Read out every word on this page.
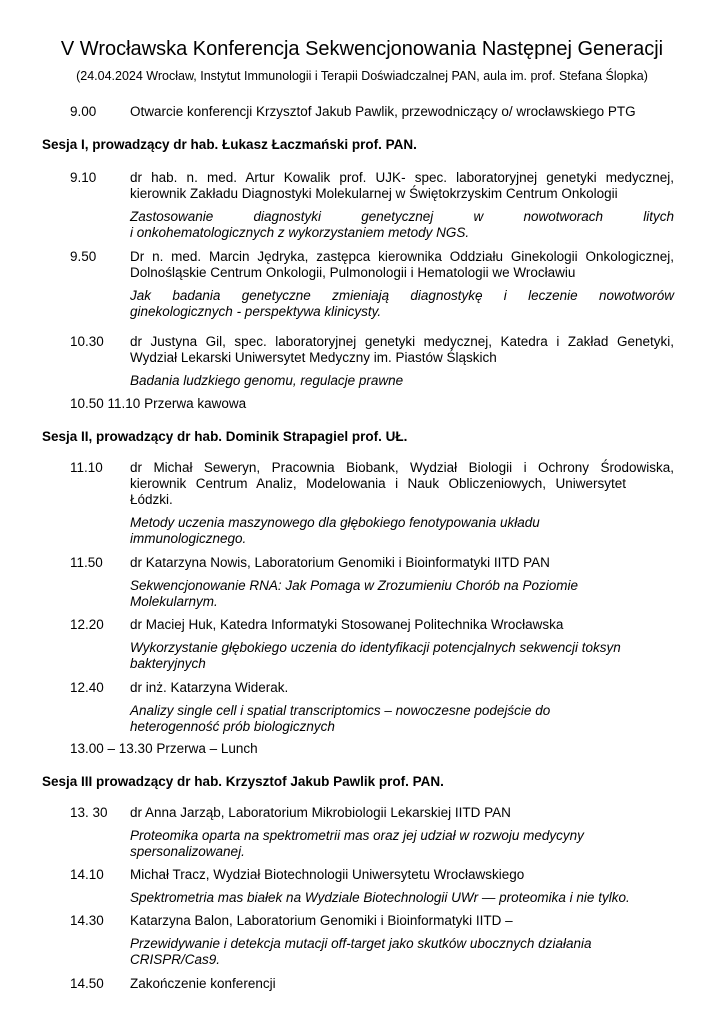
V Wrocławska Konferencja Sekwencjonowania Następnej Generacji
(24.04.2024 Wrocław, Instytut Immunologii i Terapii Doświadczalnej PAN, aula im. prof. Stefana Ślopka)
9.00 Otwarcie konferencji Krzysztof Jakub Pawlik, przewodniczący o/ wrocławskiego PTG
Sesja I, prowadzący dr hab. Łukasz Łaczmański prof. PAN.
9.10 dr hab. n. med. Artur Kowalik prof. UJK- spec. laboratoryjnej genetyki medycznej,
kierownik Zakładu Diagnostyki Molekularnej w Świętokrzyskim Centrum Onkologii
Zastosowanie diagnostyki genetycznej w nowotworach litych
i onkohematologicznych z wykorzystaniem metody NGS.
9.50 Dr n. med. Marcin Jędryka, zastępca kierownika Oddziału Ginekologii Onkologicznej,
Dolnośląskie Centrum Onkologii, Pulmonologii i Hematologii we Wrocławiu
Jak badania genetyczne zmieniają diagnostykę i leczenie nowotworów
ginekologicznych - perspektywa klinicysty.
10.30 dr Justyna Gil, spec. laboratoryjnej genetyki medycznej, Katedra i Zakład Genetyki,
Wydział Lekarski Uniwersytet Medyczny im. Piastów Śląskich
Badania ludzkiego genomu, regulacje prawne
10.50 11.10 Przerwa kawowa
Sesja II, prowadzący dr hab. Dominik Strapagiel prof. UŁ.
11.10 dr Michał Seweryn, Pracownia Biobank, Wydział Biologii i Ochrony Środowiska,
kierownik Centrum Analiz, Modelowania i Nauk Obliczeniowych, Uniwersytet
Łódzki.
Metody uczenia maszynowego dla głębokiego fenotypowania układu
immunologicznego.
11.50 dr Katarzyna Nowis, Laboratorium Genomiki i Bioinformatyki IITD PAN
Sekwencjonowanie RNA: Jak Pomaga w Zrozumieniu Chorób na Poziomie
Molekularnym.
12.20 dr Maciej Huk, Katedra Informatyki Stosowanej Politechnika Wrocławska
Wykorzystanie głębokiego uczenia do identyfikacji potencjalnych sekwencji toksyn
bakteryjnych
12.40 dr inż. Katarzyna Widerak.
Analizy single cell i spatial transcriptomics – nowoczesne podejście do
heterogenność prób biologicznych
13.00 – 13.30 Przerwa – Lunch
Sesja III prowadzący dr hab. Krzysztof Jakub Pawlik prof. PAN.
13. 30 dr Anna Jarząb, Laboratorium Mikrobiologii Lekarskiej IITD PAN
Proteomika oparta na spektrometrii mas oraz jej udział w rozwoju medycyny
spersonalizowanej.
14.10 Michał Tracz, Wydział Biotechnologii Uniwersytetu Wrocławskiego
Spektrometria mas białek na Wydziale Biotechnologii UWr — proteomika i nie tylko.
14.30 Katarzyna Balon, Laboratorium Genomiki i Bioinformatyki IITD –
Przewidywanie i detekcja mutacji off-target jako skutków ubocznych działania
CRISPR/Cas9.
14.50 Zakończenie konferencji
